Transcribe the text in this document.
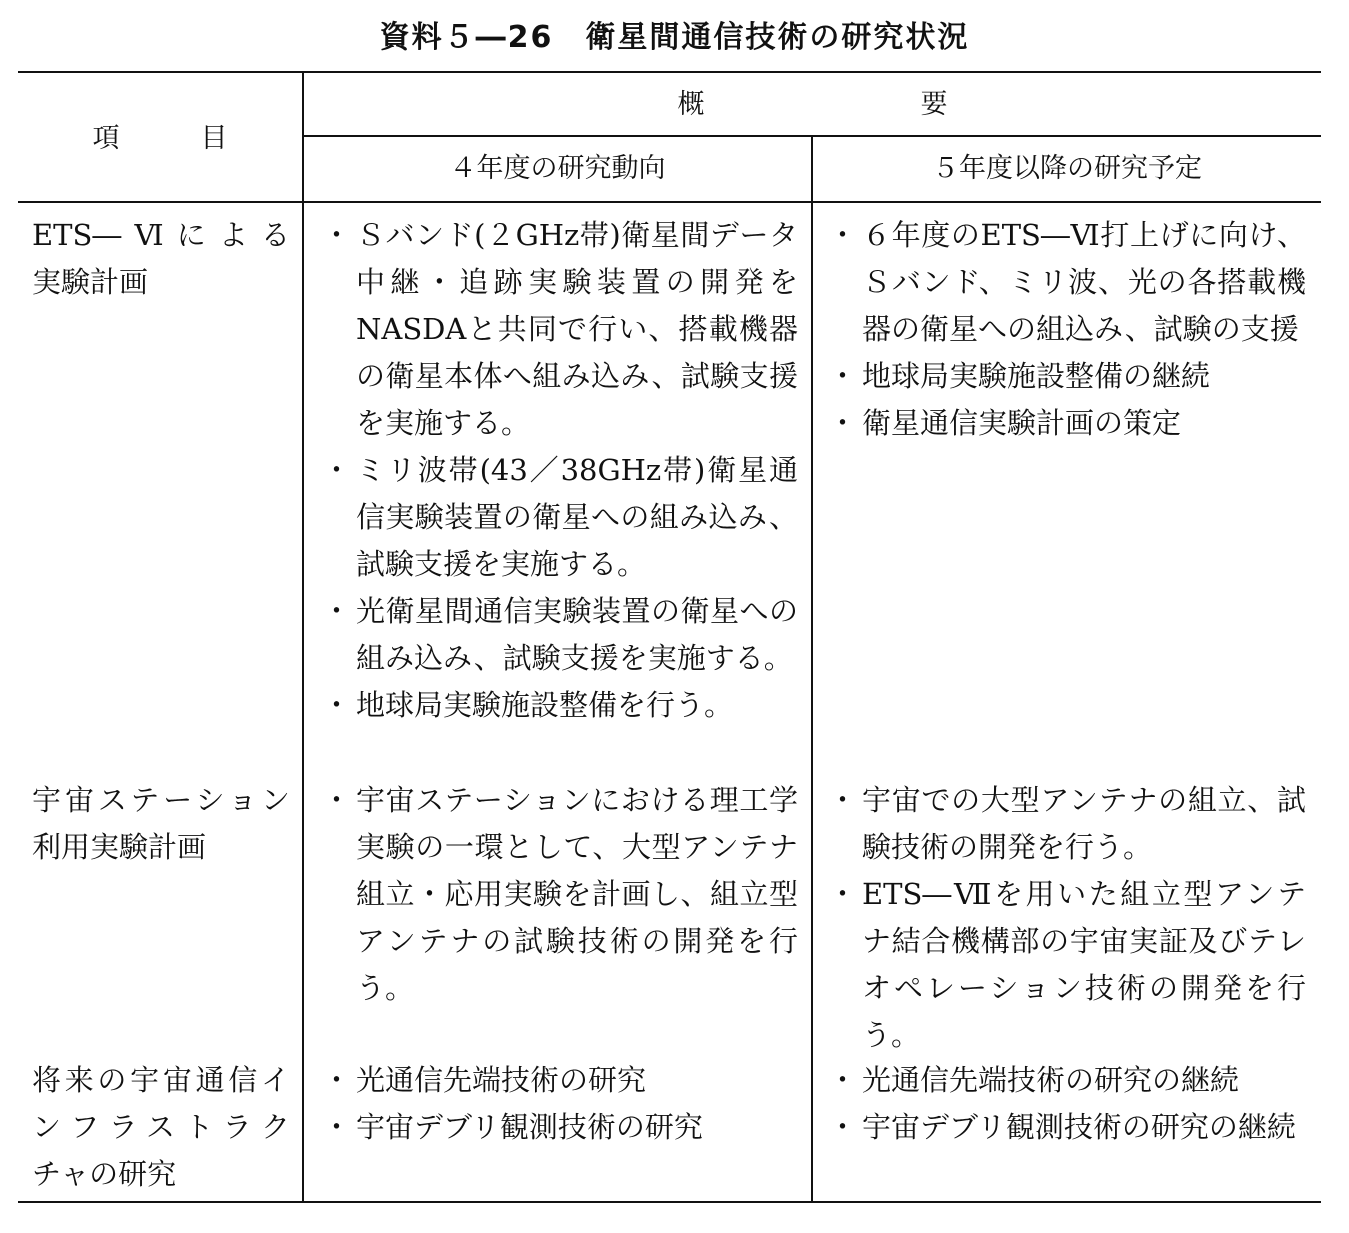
資料５―26　衛星間通信技術の研究状況
項　　　目
概　　　　　　　　要
４年度の研究動向	５年度以降の研究予定
ETS―Ⅵによる
実験計画
・ Ｓバンド(２GHz帯)衛星間データ中継・追跡実験装置の開発をNASDAと共同で行い、搭載機器の衛星本体へ組み込み、試験支援を実施する。
・ ミリ波帯(43／38GHz帯)衛星通信実験装置の衛星への組み込み、試験支援を実施する。
・ 光衛星間通信実験装置の衛星への組み込み、試験支援を実施する。
・ 地球局実験施設整備を行う。
・ ６年度のETS―Ⅵ打上げに向け、Ｓバンド、ミリ波、光の各搭載機器の衛星への組込み、試験の支援
・ 地球局実験施設整備の継続
・ 衛星通信実験計画の策定
宇宙ステーション
利用実験計画
・ 宇宙ステーションにおける理工学実験の一環として、大型アンテナ組立・応用実験を計画し、組立型アンテナの試験技術の開発を行う。
・ 宇宙での大型アンテナの組立、試験技術の開発を行う。
・ ETS―Ⅶを用いた組立型アンテナ結合機構部の宇宙実証及びテレオペレーション技術の開発を行う。
将来の宇宙通信イ
ンフラストラク
チャの研究
・ 光通信先端技術の研究
・ 宇宙デブリ観測技術の研究
・ 光通信先端技術の研究の継続
・ 宇宙デブリ観測技術の研究の継続
